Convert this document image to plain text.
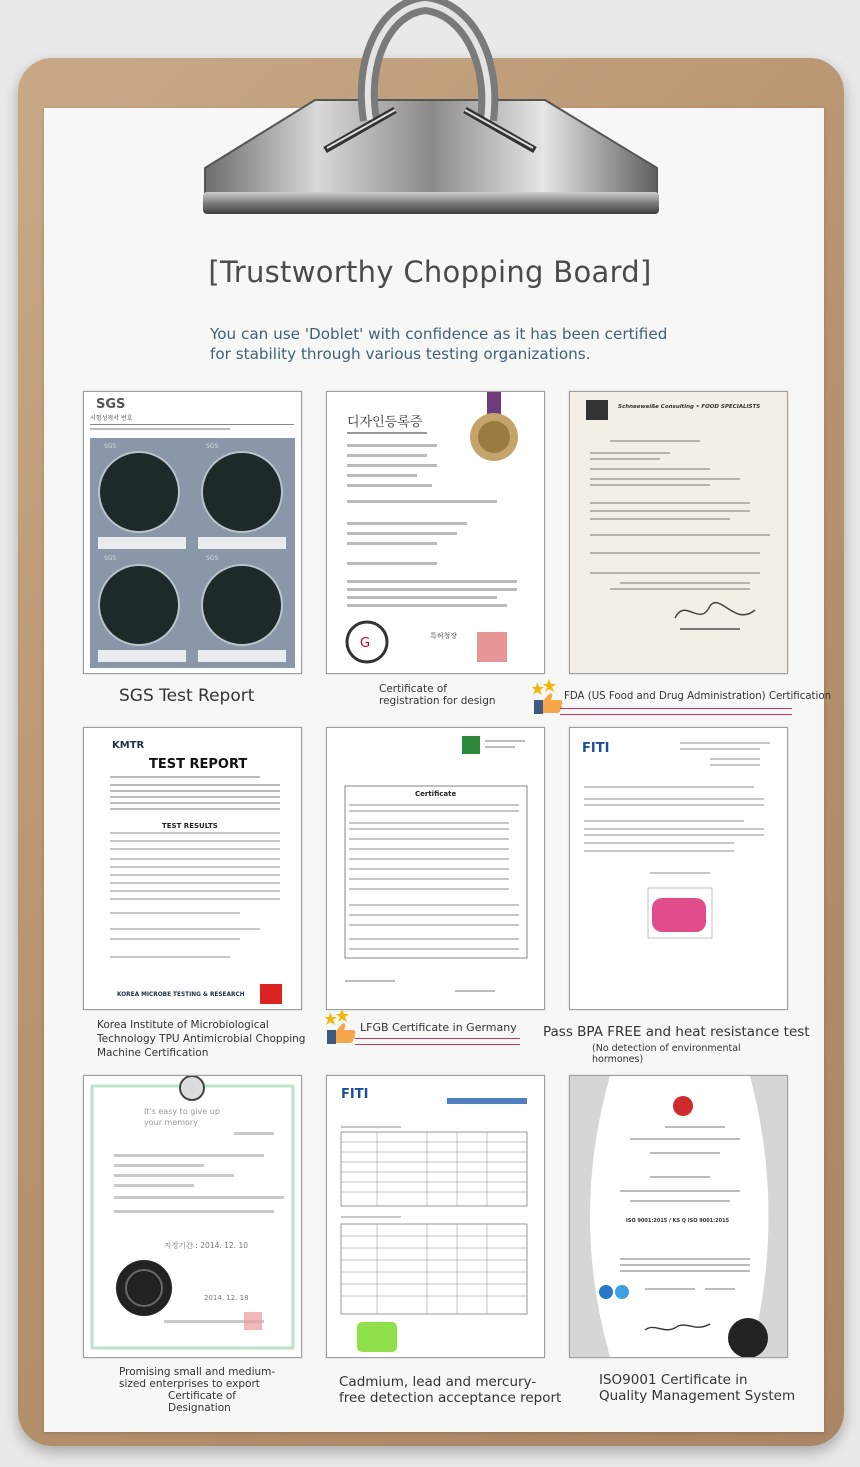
[Trustworthy Chopping Board]
You can use 'Doblet' with confidence as it has been certified
for stability through various testing organizations.
SGS
시험성적서 번호
SGS	SGS
SGS	SGS
SGS Test Report
디자인등록증
G	특허청장
Certificate of
registration for design
Schneeweiße Consulting • FOOD SPECIALISTS
FDA (US Food and Drug Administration) Certification
KMTR
TEST REPORT
TEST RESULTS
KOREA MICROBE TESTING & RESEARCH
Korea Institute of Microbiological
Technology TPU Antimicrobial Chopping
Machine Certification
Certificate
LFGB Certificate in Germany
FITI
Pass BPA FREE and heat resistance test
(No detection of environmental
hormones)
It's easy to give up
your memory
지정기간 : 2014. 12. 10
2014. 12. 18
Promising small and medium-
sized enterprises to export
Certificate of
Designation
FITI
Cadmium, lead and mercury-
free detection acceptance report
ISO 9001:2015 / KS Q ISO 9001:2015
ISO9001 Certificate in
Quality Management System
